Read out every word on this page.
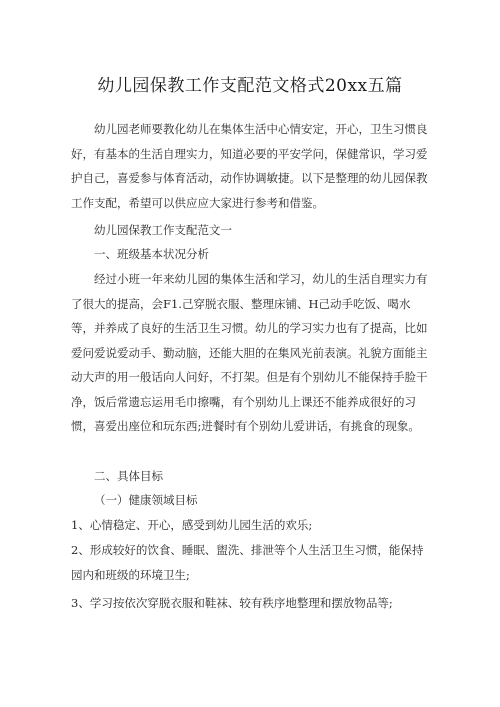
幼儿园保教工作支配范文格式20xx五篇

幼儿园老师要教化幼儿在集体生活中心情安定，开心，卫生习惯良好，有基本的生活自理实力，知道必要的平安学问，保健常识，学习爱护自己，喜爱参与体育活动，动作协调敏捷。以下是整理的幼儿园保教工作支配，希望可以供应应大家进行参考和借鉴。

幼儿园保教工作支配范文一

一、班级基本状况分析

经过小班一年来幼儿园的集体生活和学习，幼儿的生活自理实力有了很大的提高，会F1.己穿脱衣服、整理床铺、H己动手吃饭、喝水等，并养成了良好的生活卫生习惯。幼儿的学习实力也有了提高，比如爱问爱说爱动手、勤动脑，还能大胆的在集风光前表演。礼貌方面能主动大声的用一般话向人问好，不打架。但是有个别幼儿不能保持手脸干净，饭后常遗忘运用毛巾擦嘴，有个别幼儿上课还不能养成很好的习惯，喜爱出座位和玩东西;进餐时有个别幼儿爱讲话，有挑食的现象。

二、具体目标

（一）健康领域目标

1、心情稳定、开心，感受到幼儿园生活的欢乐;

2、形成较好的饮食、睡眠、盥洗、排泄等个人生活卫生习惯，能保持园内和班级的环境卫生;

3、学习按依次穿脱衣服和鞋袜、较有秩序地整理和摆放物品等;
